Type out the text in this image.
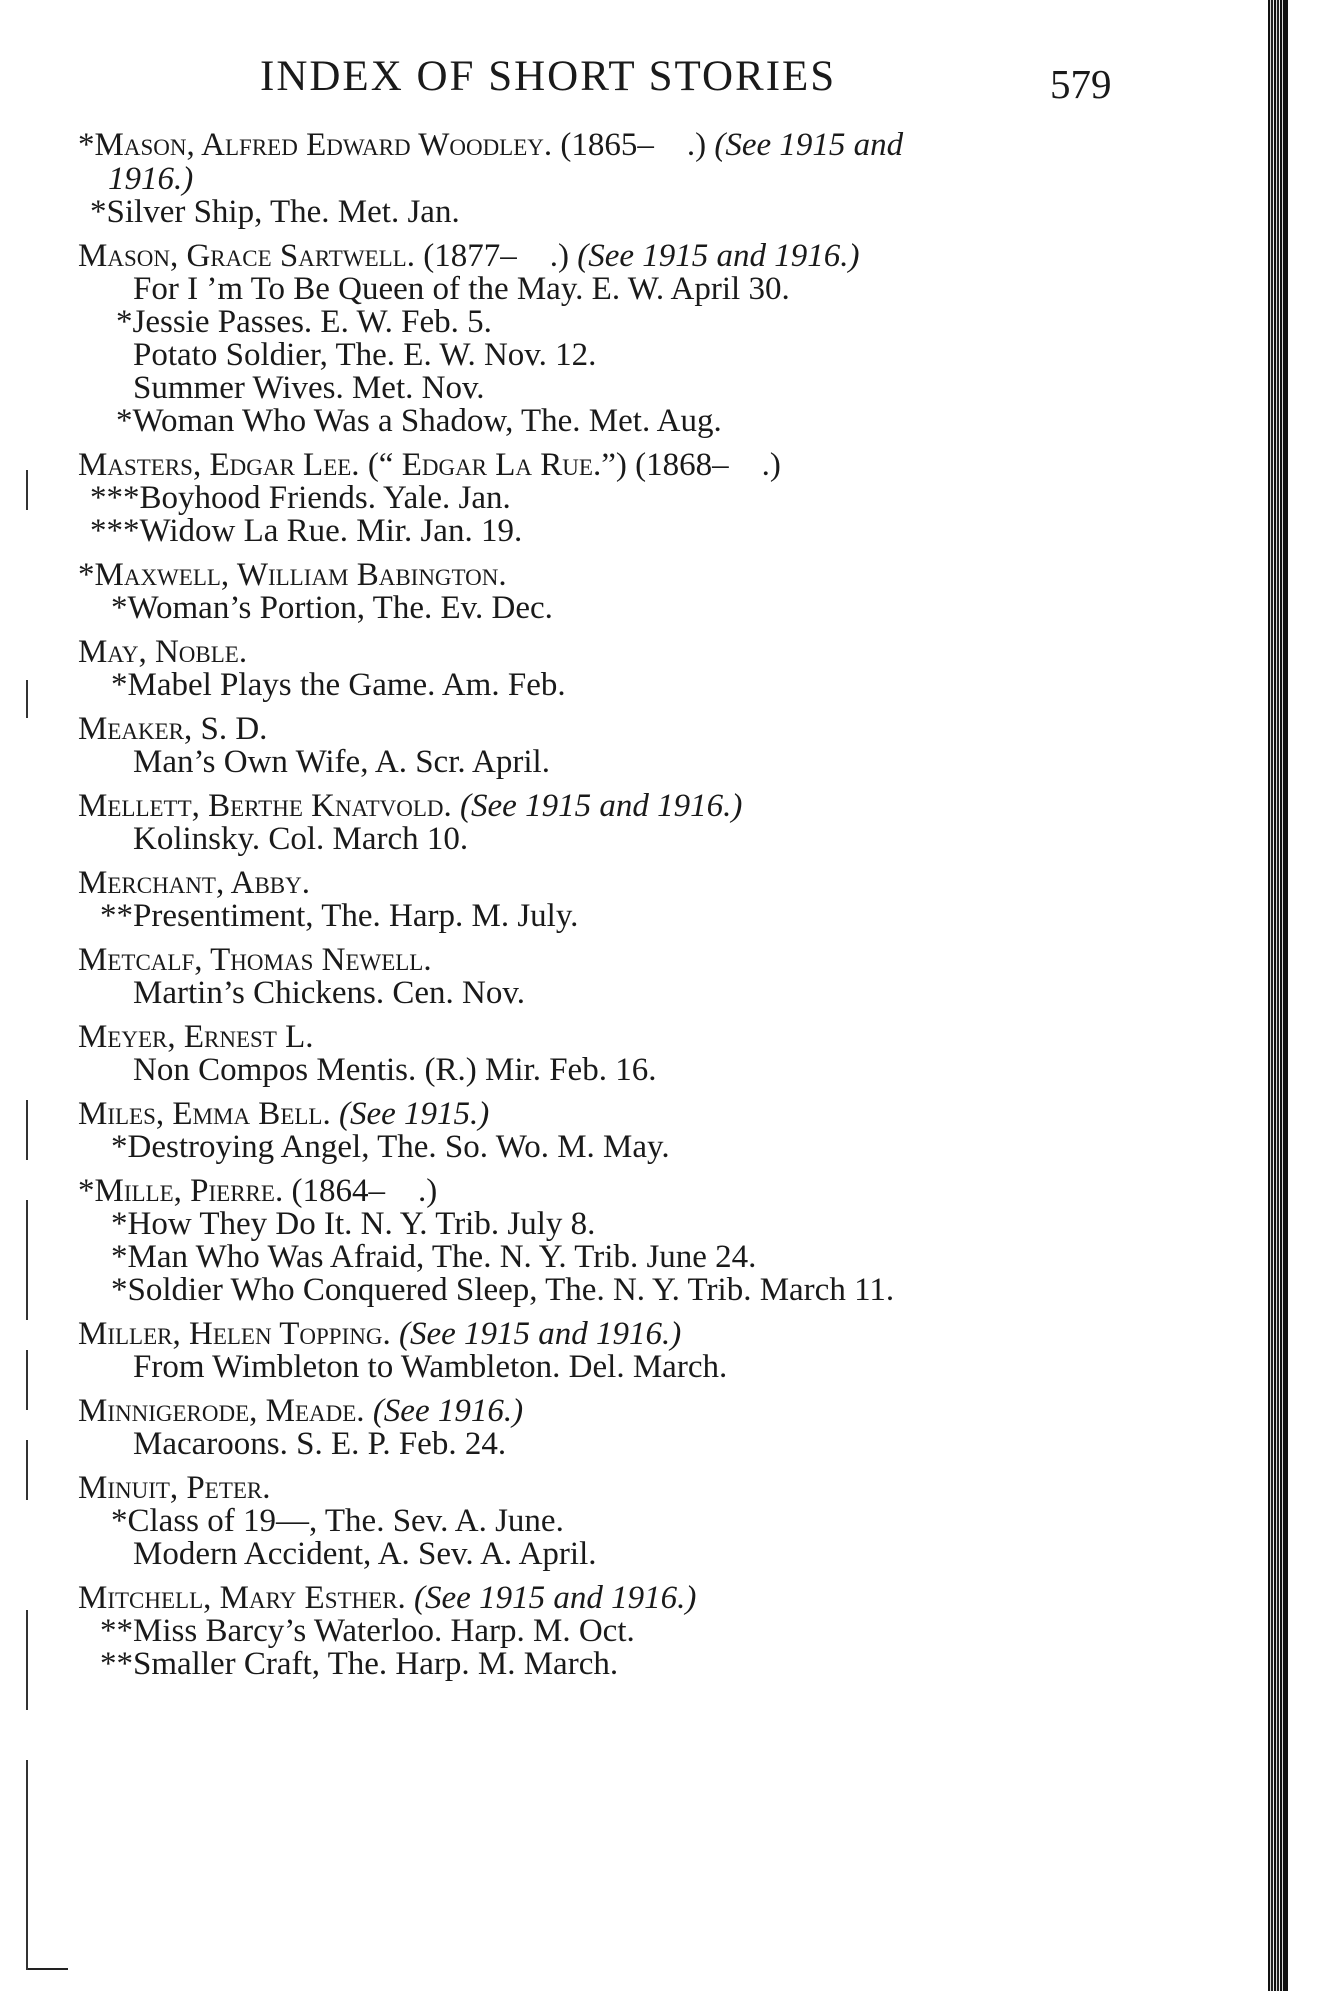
INDEX OF SHORT STORIES	579
*Mason, Alfred Edward Woodley. (1865– .) (See 1915 and
1916.)
*Silver Ship, The. Met. Jan.
Mason, Grace Sartwell. (1877– .) (See 1915 and 1916.)
For I ’m To Be Queen of the May. E. W. April 30.
*Jessie Passes. E. W. Feb. 5.
Potato Soldier, The. E. W. Nov. 12.
Summer Wives. Met. Nov.
*Woman Who Was a Shadow, The. Met. Aug.
Masters, Edgar Lee. (“ Edgar La Rue.”) (1868– .)
***Boyhood Friends. Yale. Jan.
***Widow La Rue. Mir. Jan. 19.
*Maxwell, William Babington.
*Woman’s Portion, The. Ev. Dec.
May, Noble.
*Mabel Plays the Game. Am. Feb.
Meaker, S. D.
Man’s Own Wife, A. Scr. April.
Mellett, Berthe Knatvold. (See 1915 and 1916.)
Kolinsky. Col. March 10.
Merchant, Abby.
**Presentiment, The. Harp. M. July.
Metcalf, Thomas Newell.
Martin’s Chickens. Cen. Nov.
Meyer, Ernest L.
Non Compos Mentis. (R.) Mir. Feb. 16.
Miles, Emma Bell. (See 1915.)
*Destroying Angel, The. So. Wo. M. May.
*Mille, Pierre. (1864– .)
*How They Do It. N. Y. Trib. July 8.
*Man Who Was Afraid, The. N. Y. Trib. June 24.
*Soldier Who Conquered Sleep, The. N. Y. Trib. March 11.
Miller, Helen Topping. (See 1915 and 1916.)
From Wimbleton to Wambleton. Del. March.
Minnigerode, Meade. (See 1916.)
Macaroons. S. E. P. Feb. 24.
Minuit, Peter.
*Class of 19—, The. Sev. A. June.
Modern Accident, A. Sev. A. April.
Mitchell, Mary Esther. (See 1915 and 1916.)
**Miss Barcy’s Waterloo. Harp. M. Oct.
**Smaller Craft, The. Harp. M. March.
